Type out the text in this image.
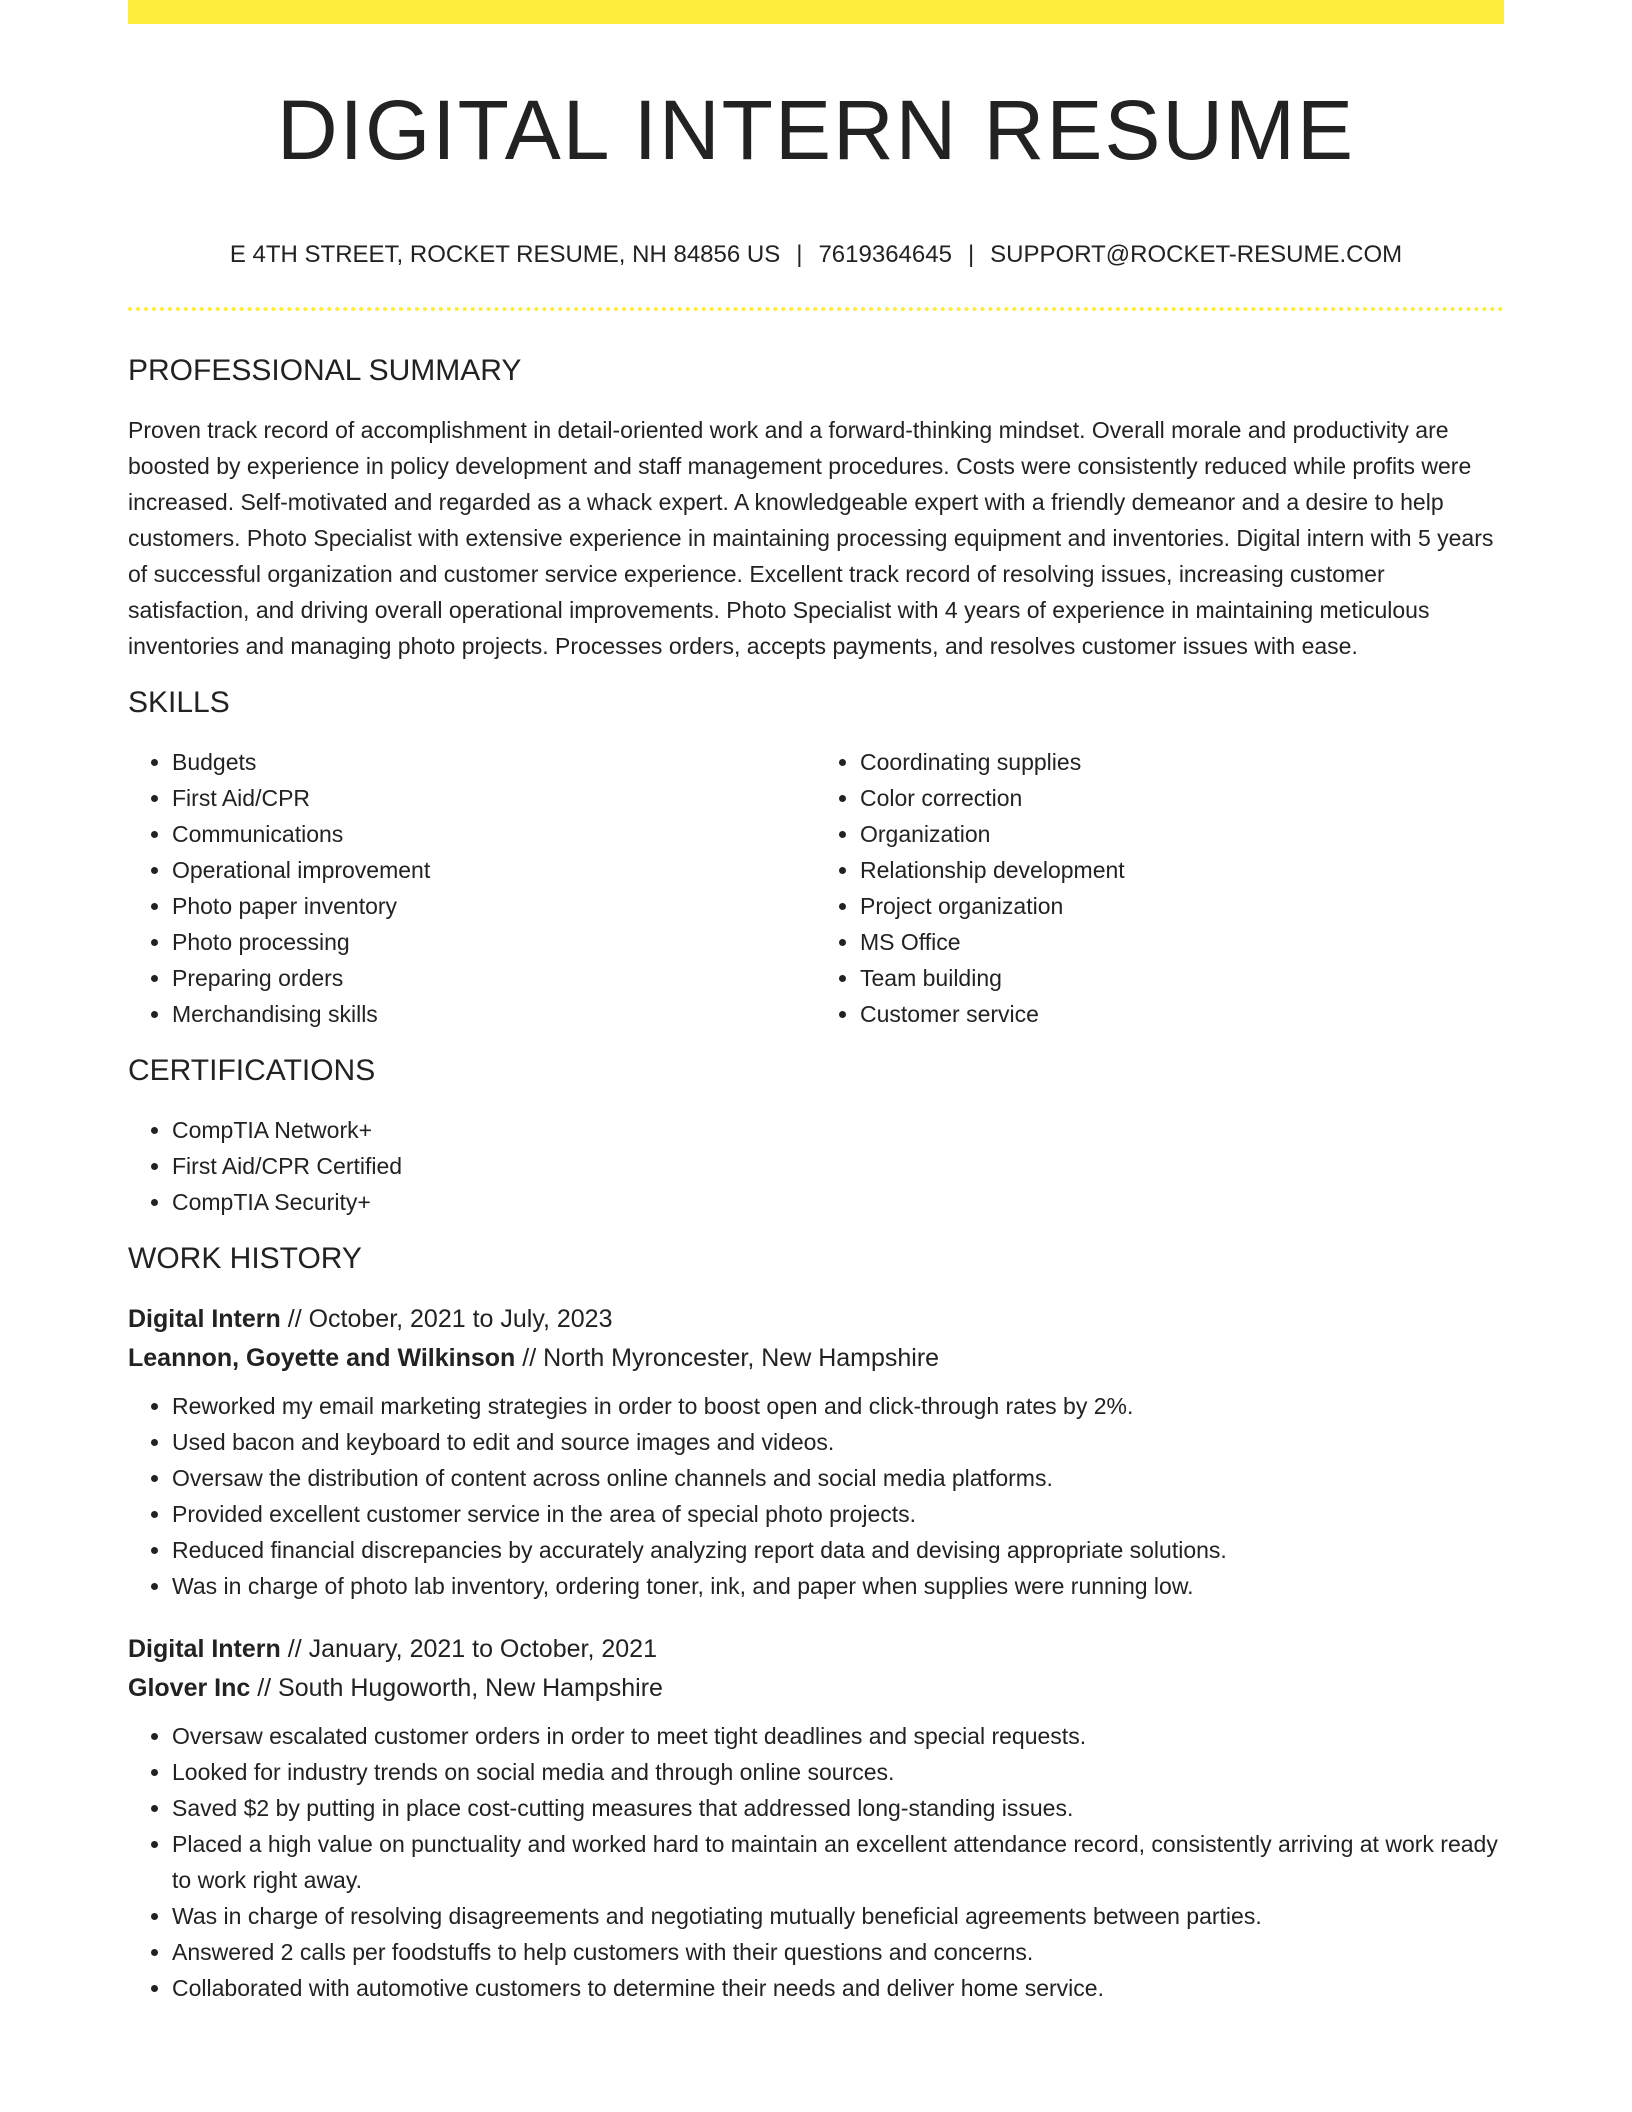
DIGITAL INTERN RESUME
E 4TH STREET, ROCKET RESUME, NH 84856 US | 7619364645 | SUPPORT@ROCKET-RESUME.COM
PROFESSIONAL SUMMARY

Proven track record of accomplishment in detail-oriented work and a forward-thinking mindset. Overall morale and productivity are boosted by experience in policy development and staff management procedures. Costs were consistently reduced while profits were increased. Self-motivated and regarded as a whack expert. A knowledgeable expert with a friendly demeanor and a desire to help customers. Photo Specialist with extensive experience in maintaining processing equipment and inventories. Digital intern with 5 years of successful organization and customer service experience. Excellent track record of resolving issues, increasing customer satisfaction, and driving overall operational improvements. Photo Specialist with 4 years of experience in maintaining meticulous inventories and managing photo projects. Processes orders, accepts payments, and resolves customer issues with ease.

SKILLS
• Budgets
• First Aid/CPR
• Communications
• Operational improvement
• Photo paper inventory
• Photo processing
• Preparing orders
• Merchandising skills
• Coordinating supplies
• Color correction
• Organization
• Relationship development
• Project organization
• MS Office
• Team building
• Customer service
CERTIFICATIONS
• CompTIA Network+
• First Aid/CPR Certified
• CompTIA Security+
WORK HISTORY
Digital Intern // October, 2021 to July, 2023
Leannon, Goyette and Wilkinson // North Myroncester, New Hampshire
• Reworked my email marketing strategies in order to boost open and click-through rates by 2%.
• Used bacon and keyboard to edit and source images and videos.
• Oversaw the distribution of content across online channels and social media platforms.
• Provided excellent customer service in the area of special photo projects.
• Reduced financial discrepancies by accurately analyzing report data and devising appropriate solutions.
• Was in charge of photo lab inventory, ordering toner, ink, and paper when supplies were running low.
Digital Intern // January, 2021 to October, 2021
Glover Inc // South Hugoworth, New Hampshire
• Oversaw escalated customer orders in order to meet tight deadlines and special requests.
• Looked for industry trends on social media and through online sources.
• Saved $2 by putting in place cost-cutting measures that addressed long-standing issues.
• Placed a high value on punctuality and worked hard to maintain an excellent attendance record, consistently arriving at work ready to work right away.
• Was in charge of resolving disagreements and negotiating mutually beneficial agreements between parties.
• Answered 2 calls per foodstuffs to help customers with their questions and concerns.
• Collaborated with automotive customers to determine their needs and deliver home service.
